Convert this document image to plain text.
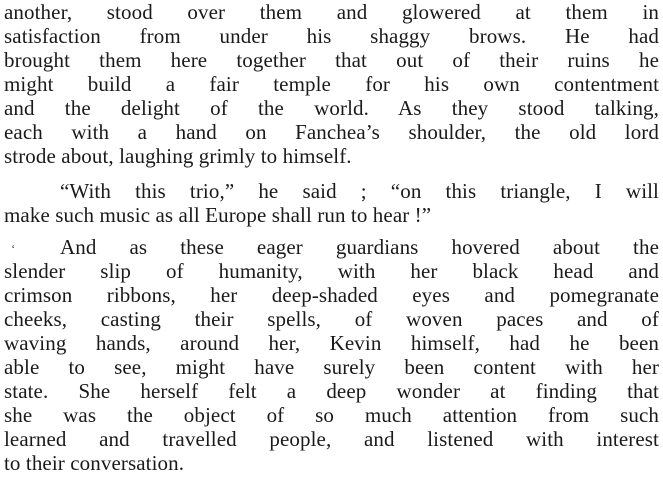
another, stood over them and glowered at them in
satisfaction from under his shaggy brows. He had
brought them here together that out of their ruins he
might build a fair temple for his own contentment
and the delight of the world. As they stood talking,
each with a hand on Fanchea’s shoulder, the old lord
strode about, laughing grimly to himself.
“With this trio,” he said ; “on this triangle, I will
make such music as all Europe shall run to hear !”
‘	And as these eager guardians hovered about the
slender slip of humanity, with her black head and
crimson ribbons, her deep-shaded eyes and pomegranate
cheeks, casting their spells, of woven paces and of
waving hands, around her, Kevin himself, had he been
able to see, might have surely been content with her
state. She herself felt a deep wonder at finding that
she was the object of so much attention from such
learned and travelled people, and listened with interest
to their conversation.
